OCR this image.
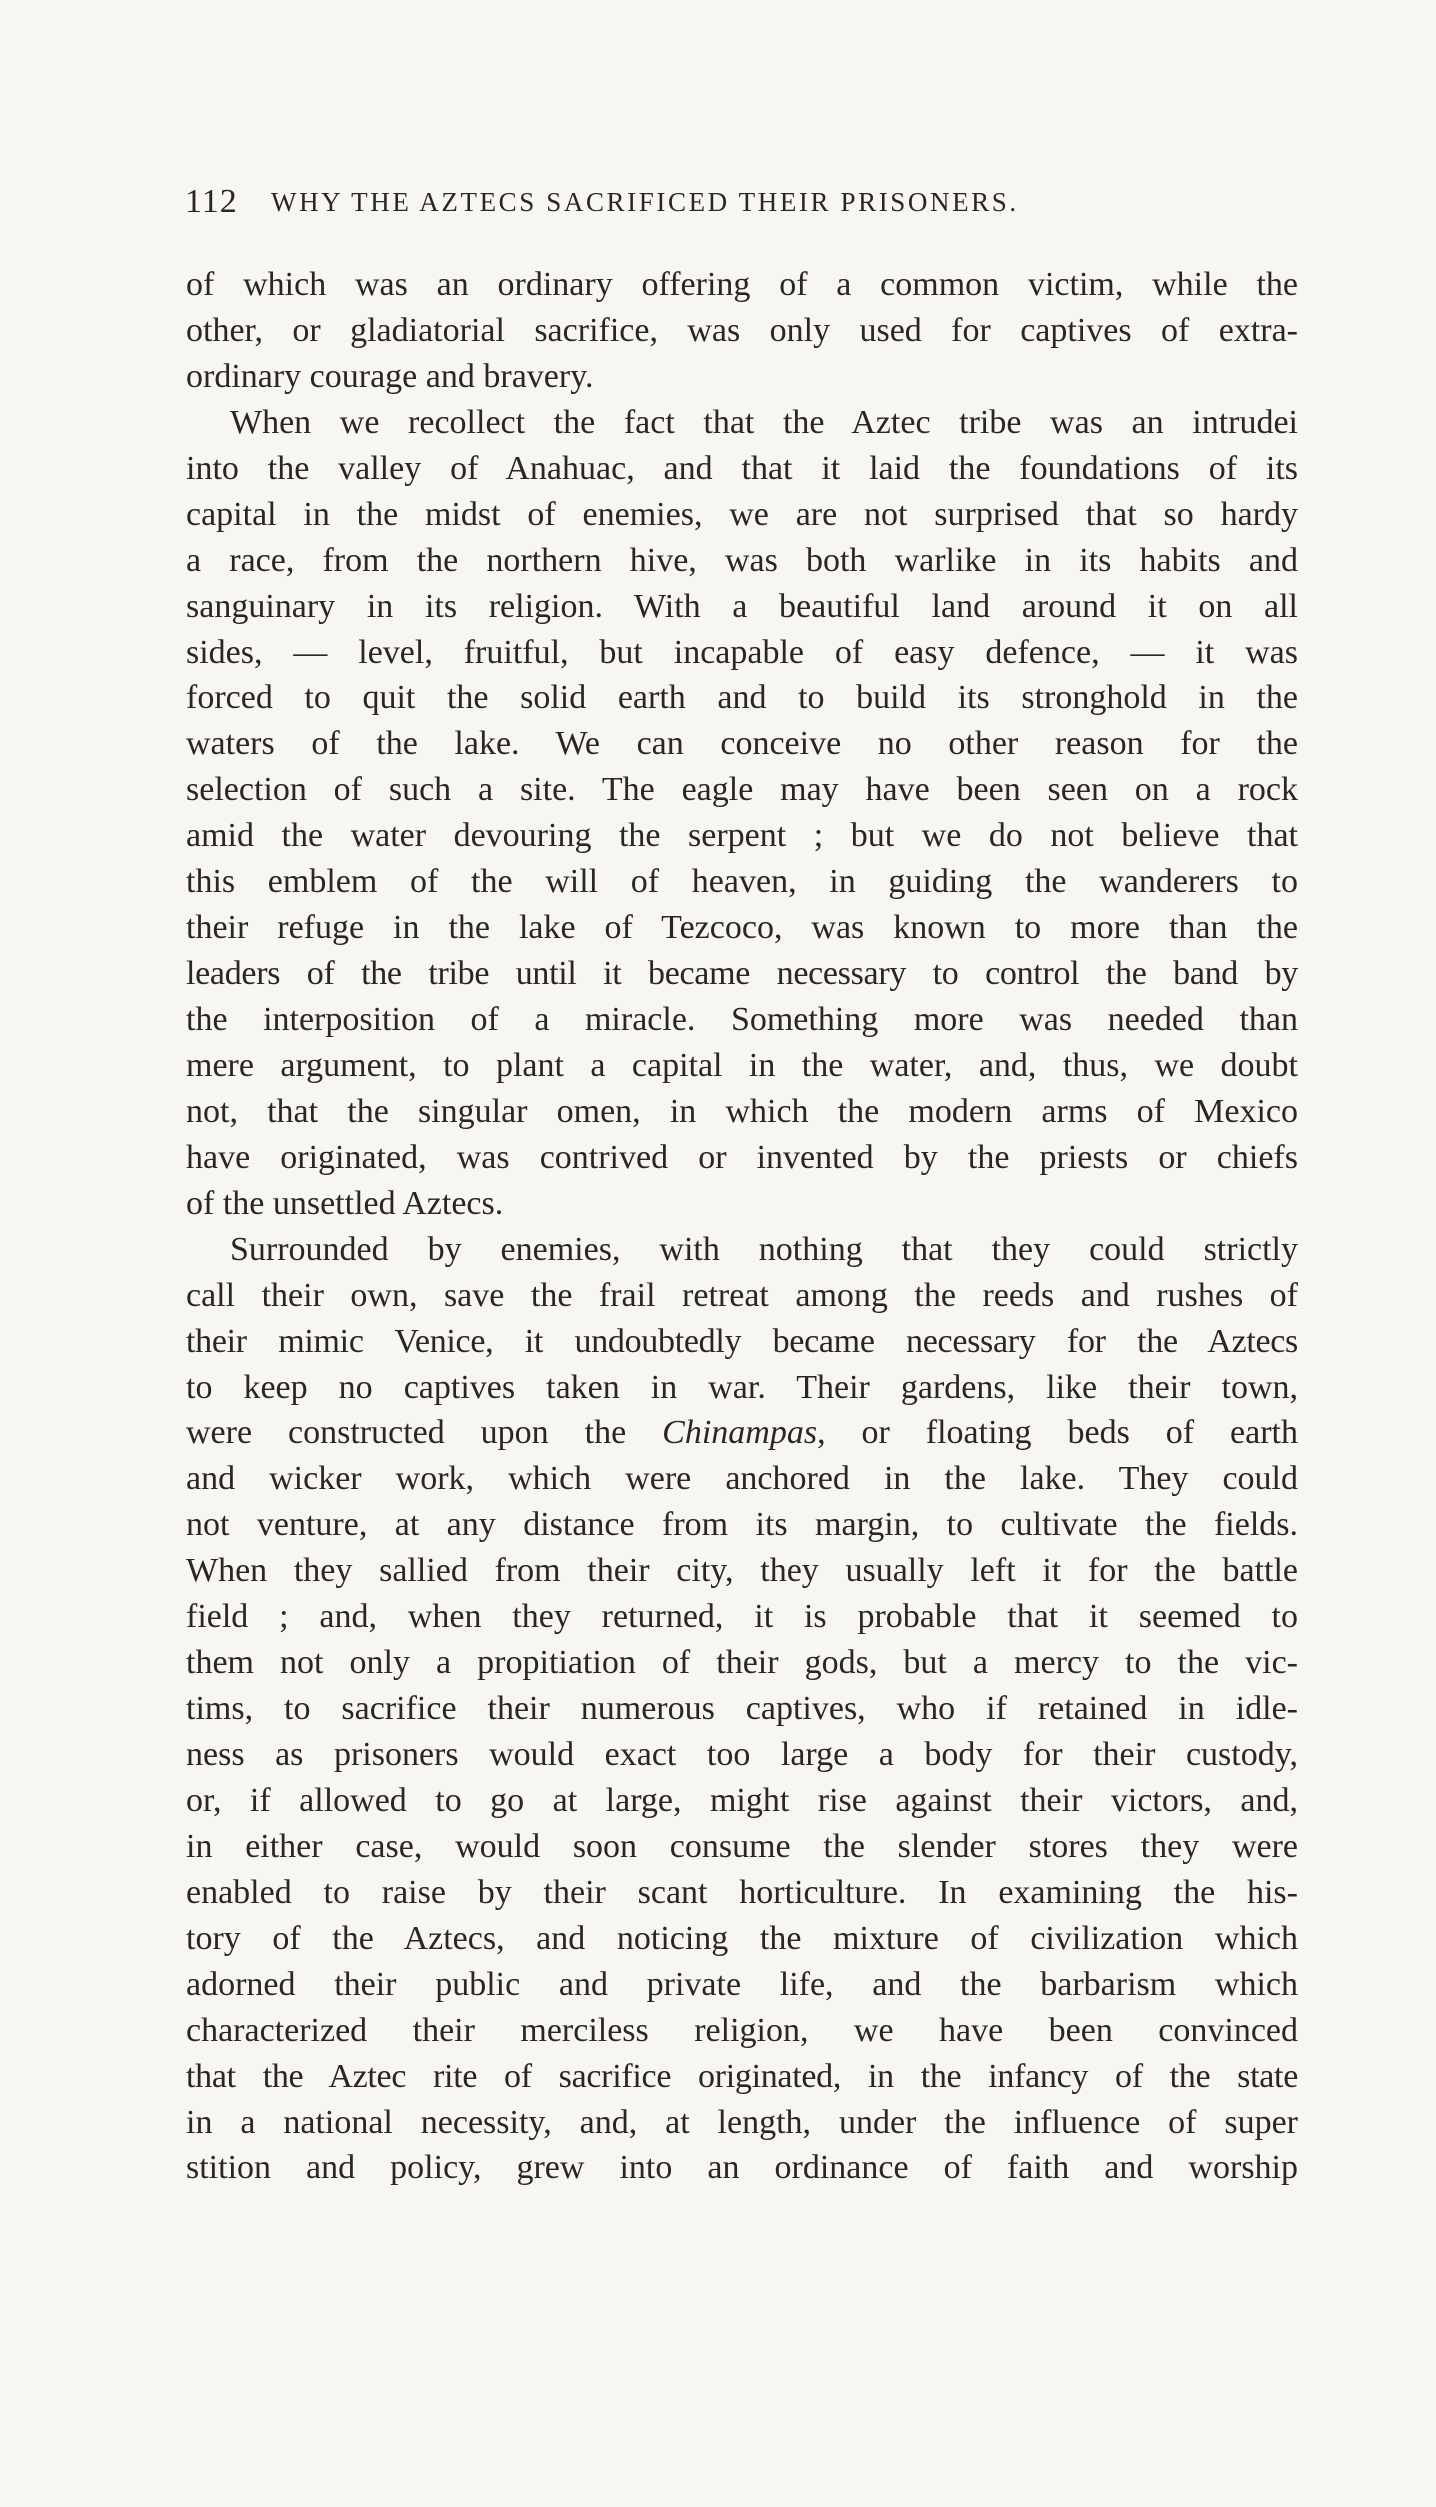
112 WHY THE AZTECS SACRIFICED THEIR PRISONERS.
of which was an ordinary offering of a common victim, while the
other, or gladiatorial sacrifice, was only used for captives of extra-
ordinary courage and bravery.
When we recollect the fact that the Aztec tribe was an intrudei
into the valley of Anahuac, and that it laid the foundations of its
capital in the midst of enemies, we are not surprised that so hardy
a race, from the northern hive, was both warlike in its habits and
sanguinary in its religion. With a beautiful land around it on all
sides, — level, fruitful, but incapable of easy defence, — it was
forced to quit the solid earth and to build its stronghold in the
waters of the lake. We can conceive no other reason for the
selection of such a site. The eagle may have been seen on a rock
amid the water devouring the serpent ; but we do not believe that
this emblem of the will of heaven, in guiding the wanderers to
their refuge in the lake of Tezcoco, was known to more than the
leaders of the tribe until it became necessary to control the band by
the interposition of a miracle. Something more was needed than
mere argument, to plant a capital in the water, and, thus, we doubt
not, that the singular omen, in which the modern arms of Mexico
have originated, was contrived or invented by the priests or chiefs
of the unsettled Aztecs.
Surrounded by enemies, with nothing that they could strictly
call their own, save the frail retreat among the reeds and rushes of
their mimic Venice, it undoubtedly became necessary for the Aztecs
to keep no captives taken in war. Their gardens, like their town,
were constructed upon the Chinampas, or floating beds of earth
and wicker work, which were anchored in the lake. They could
not venture, at any distance from its margin, to cultivate the fields.
When they sallied from their city, they usually left it for the battle
field ; and, when they returned, it is probable that it seemed to
them not only a propitiation of their gods, but a mercy to the vic-
tims, to sacrifice their numerous captives, who if retained in idle-
ness as prisoners would exact too large a body for their custody,
or, if allowed to go at large, might rise against their victors, and,
in either case, would soon consume the slender stores they were
enabled to raise by their scant horticulture. In examining the his-
tory of the Aztecs, and noticing the mixture of civilization which
adorned their public and private life, and the barbarism which
characterized their merciless religion, we have been convinced
that the Aztec rite of sacrifice originated, in the infancy of the state
in a national necessity, and, at length, under the influence of super
stition and policy, grew into an ordinance of faith and worship
